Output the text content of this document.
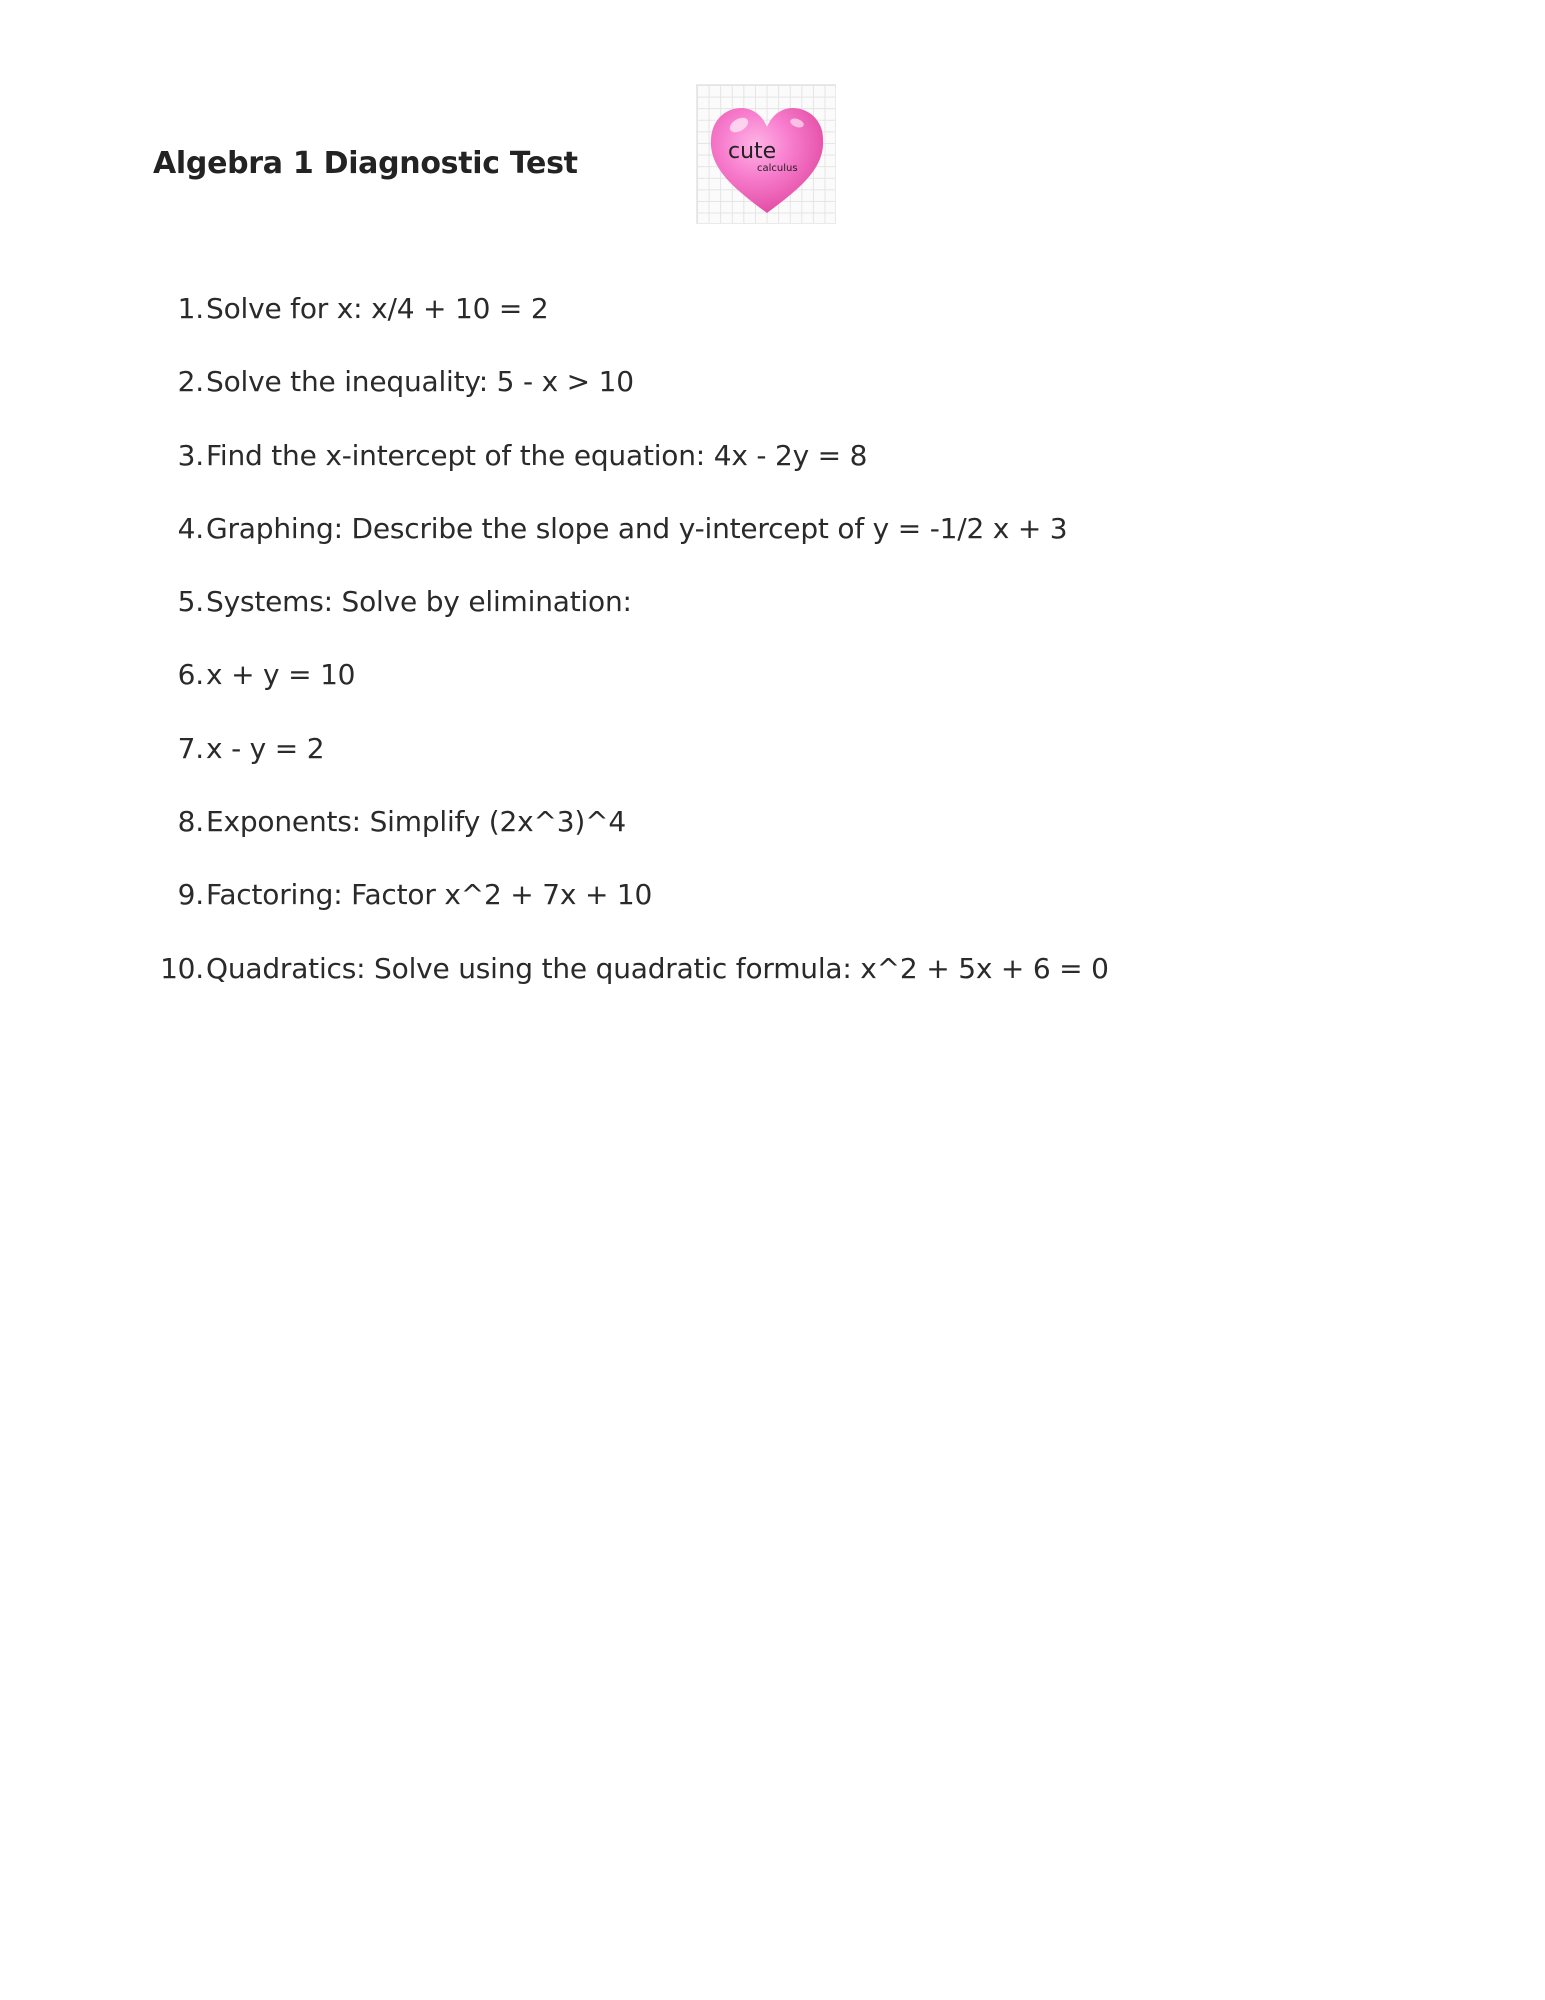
Algebra 1 Diagnostic Test	cute
calculus
1. Solve for x: x/4 + 10 = 2
2. Solve the inequality: 5 - x > 10
3. Find the x-intercept of the equation: 4x - 2y = 8
4. Graphing: Describe the slope and y-intercept of y = -1/2 x + 3
5. Systems: Solve by elimination:
6. x + y = 10
7. x - y = 2
8. Exponents: Simplify (2x^3)^4
9. Factoring: Factor x^2 + 7x + 10
10. Quadratics: Solve using the quadratic formula: x^2 + 5x + 6 = 0
